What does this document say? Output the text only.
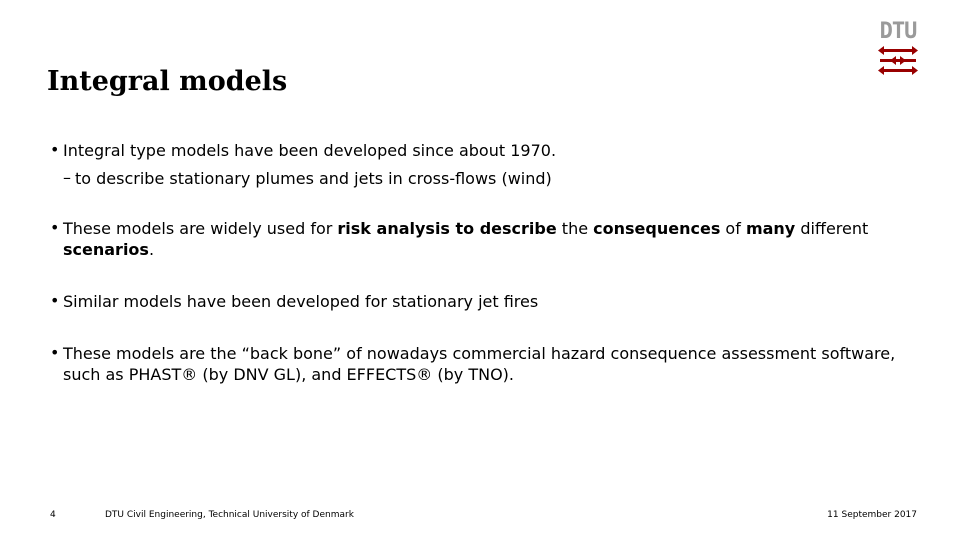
Integral models
DTU
• Integral type models have been developed since about 1970.
– to describe stationary plumes and jets in cross-flows (wind)
• These models are widely used for risk analysis to describe the consequences of many different scenarios.
• Similar models have been developed for stationary jet fires
• These models are the “back bone” of nowadays commercial hazard consequence assessment software, such as PHAST® (by DNV GL), and EFFECTS® (by TNO).
4	DTU Civil Engineering, Technical University of Denmark	11 September 2017
